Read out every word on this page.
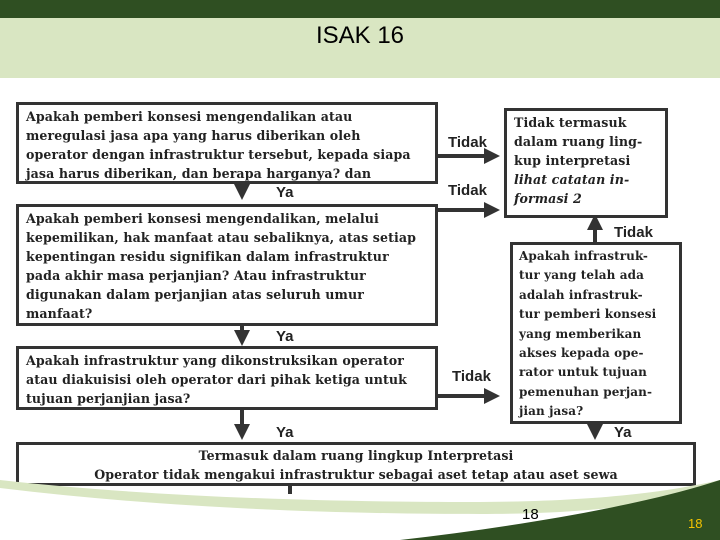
ISAK 16
Apakah pemberi konsesi mengendalikan atau
meregulasi jasa apa yang harus diberikan oleh
operator dengan infrastruktur tersebut, kepada siapa
jasa harus diberikan, dan berapa harganya? dan
Apakah pemberi konsesi mengendalikan, melalui
kepemilikan, hak manfaat atau sebaliknya, atas setiap
kepentingan residu signifikan dalam infrastruktur
pada akhir masa perjanjian? Atau infrastruktur
digunakan dalam perjanjian atas seluruh umur
manfaat?
Apakah infrastruktur yang dikonstruksikan operator
atau diakuisisi oleh operator dari pihak ketiga untuk
tujuan perjanjian jasa?
Tidak termasuk
dalam ruang ling-
kup interpretasi
lihat catatan in-
formasi 2
Apakah infrastruk-
tur yang telah ada
adalah infrastruk-
tur pemberi konsesi
yang memberikan
akses kepada ope-
rator untuk tujuan
pemenuhan perjan-
jian jasa?
Termasuk dalam ruang lingkup Interpretasi
Operator tidak mengakui infrastruktur sebagai aset tetap atau aset sewa
Tidak
Tidak
Tidak
Tidak
Ya
Ya
Ya	Ya
18
18
